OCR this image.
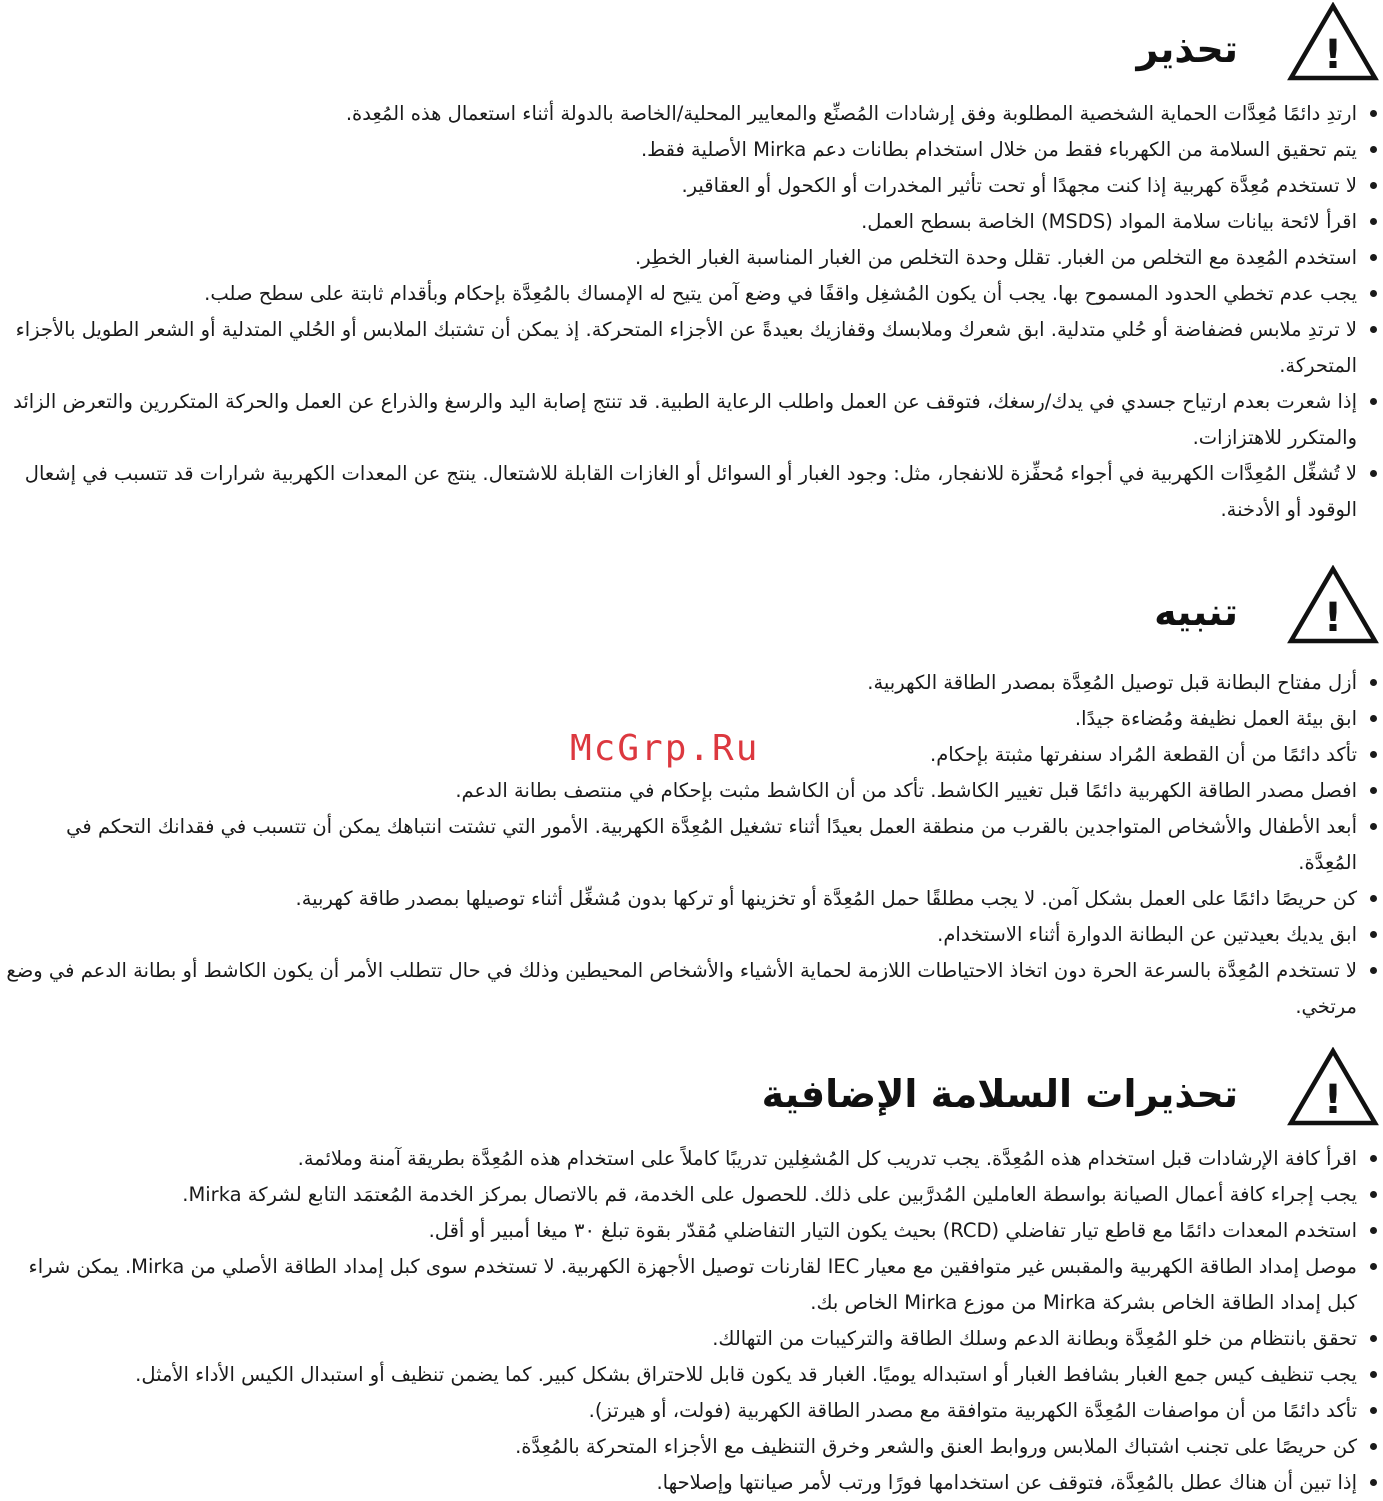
!
تحذير
ارتدِ دائمًا مُعِدَّات الحماية الشخصية المطلوبة وفق إرشادات المُصنِّع والمعايير المحلية/الخاصة بالدولة أثناء استعمال هذه المُعِدة.
يتم تحقيق السلامة من الكهرباء فقط من خلال استخدام بطانات دعم Mirka الأصلية فقط.
لا تستخدم مُعِدَّة كهربية إذا كنت مجهدًا أو تحت تأثير المخدرات أو الكحول أو العقاقير.
اقرأ لائحة بيانات سلامة المواد (MSDS) الخاصة بسطح العمل.
استخدم المُعِدة مع التخلص من الغبار. تقلل وحدة التخلص من الغبار المناسبة الغبار الخطِر.
يجب عدم تخطي الحدود المسموح بها. يجب أن يكون المُشغِل واقفًا في وضع آمن يتيح له الإمساك بالمُعِدَّة بإحكام وبأقدام ثابتة على سطح صلب.
لا ترتدِ ملابس فضفاضة أو حُلي متدلية. ابق شعرك وملابسك وقفازيك بعيدةً عن الأجزاء المتحركة. إذ يمكن أن تشتبك الملابس أو الحُلي المتدلية أو الشعر الطويل بالأجزاء المتحركة.
إذا شعرت بعدم ارتياح جسدي في يدك/رسغك، فتوقف عن العمل واطلب الرعاية الطبية. قد تنتج إصابة اليد والرسغ والذراع عن العمل والحركة المتكررين والتعرض الزائد والمتكرر للاهتزازات.
لا تُشغِّل المُعِدَّات الكهربية في أجواء مُحفِّزة للانفجار، مثل: وجود الغبار أو السوائل أو الغازات القابلة للاشتعال. ينتج عن المعدات الكهربية شرارات قد تتسبب في إشعال الوقود أو الأدخنة.
!
تنبيه
أزل مفتاح البطانة قبل توصيل المُعِدَّة بمصدر الطاقة الكهربية.
ابق بيئة العمل نظيفة ومُضاءة جيدًا.
تأكد دائمًا من أن القطعة المُراد سنفرتها مثبتة بإحكام.
افصل مصدر الطاقة الكهربية دائمًا قبل تغيير الكاشط. تأكد من أن الكاشط مثبت بإحكام في منتصف بطانة الدعم.
أبعد الأطفال والأشخاص المتواجدين بالقرب من منطقة العمل بعيدًا أثناء تشغيل المُعِدَّة الكهربية. الأمور التي تشتت انتباهك يمكن أن تتسبب في فقدانك التحكم في المُعِدَّة.
كن حريصًا دائمًا على العمل بشكل آمن. لا يجب مطلقًا حمل المُعِدَّة أو تخزينها أو تركها بدون مُشغِّل أثناء توصيلها بمصدر طاقة كهربية.
ابق يديك بعيدتين عن البطانة الدوارة أثناء الاستخدام.
لا تستخدم المُعِدَّة بالسرعة الحرة دون اتخاذ الاحتياطات اللازمة لحماية الأشياء والأشخاص المحيطين وذلك في حال تتطلب الأمر أن يكون الكاشط أو بطانة الدعم في وضع مرتخي.
!
تحذيرات السلامة الإضافية
اقرأ كافة الإرشادات قبل استخدام هذه المُعِدَّة. يجب تدريب كل المُشغِلين تدريبًا كاملاً على استخدام هذه المُعِدَّة بطريقة آمنة وملائمة.
يجب إجراء كافة أعمال الصيانة بواسطة العاملين المُدرَّبين على ذلك. للحصول على الخدمة، قم بالاتصال بمركز الخدمة المُعتمَد التابع لشركة Mirka.
استخدم المعدات دائمًا مع قاطع تيار تفاضلي (RCD) بحيث يكون التيار التفاضلي مُقدّر بقوة تبلغ ٣٠ ميغا أمبير أو أقل.
موصل إمداد الطاقة الكهربية والمقبس غير متوافقين مع معيار IEC لقارنات توصيل الأجهزة الكهربية. لا تستخدم سوى كبل إمداد الطاقة الأصلي من Mirka. يمكن شراء كبل إمداد الطاقة الخاص بشركة Mirka من موزع Mirka الخاص بك.
تحقق بانتظام من خلو المُعِدَّة وبطانة الدعم وسلك الطاقة والتركيبات من التهالك.
يجب تنظيف كيس جمع الغبار بشافط الغبار أو استبداله يوميًا. الغبار قد يكون قابل للاحتراق بشكل كبير. كما يضمن تنظيف أو استبدال الكيس الأداء الأمثل.
تأكد دائمًا من أن مواصفات المُعِدَّة الكهربية متوافقة مع مصدر الطاقة الكهربية (فولت، أو هيرتز).
كن حريصًا على تجنب اشتباك الملابس وروابط العنق والشعر وخرق التنظيف مع الأجزاء المتحركة بالمُعِدَّة.
إذا تبين أن هناك عطل بالمُعِدَّة، فتوقف عن استخدامها فورًا ورتب لأمر صيانتها وإصلاحها.
McGrp.Ru
